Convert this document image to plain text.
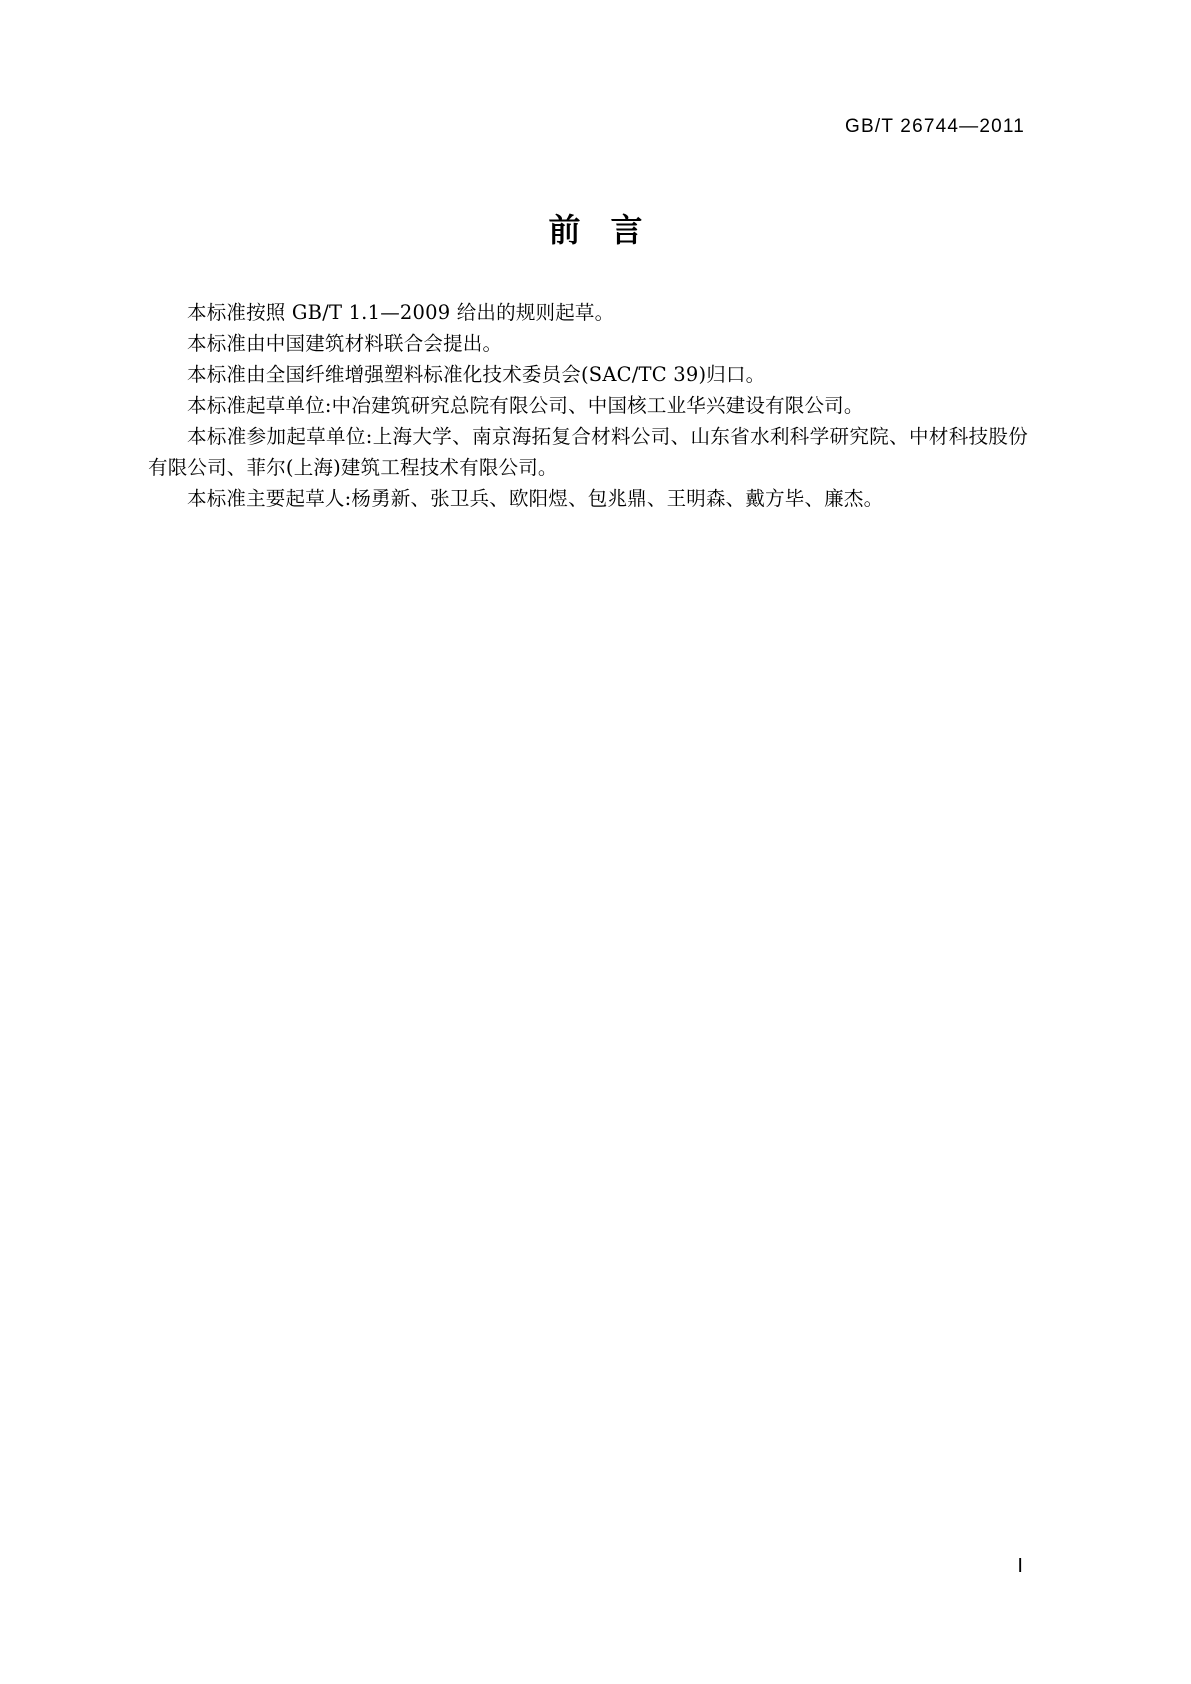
GB/T 26744—2011
前言

本标准按照 GB/T 1.1—2009 给出的规则起草。

本标准由中国建筑材料联合会提出。

本标准由全国纤维增强塑料标准化技术委员会(SAC/TC 39)归口。

本标准起草单位:中冶建筑研究总院有限公司、中国核工业华兴建设有限公司。

本标准参加起草单位:上海大学、南京海拓复合材料公司、山东省水利科学研究院、中材科技股份有限公司、菲尔(上海)建筑工程技术有限公司。

本标准主要起草人:杨勇新、张卫兵、欧阳煜、包兆鼎、王明森、戴方毕、廉杰。

Ⅰ
